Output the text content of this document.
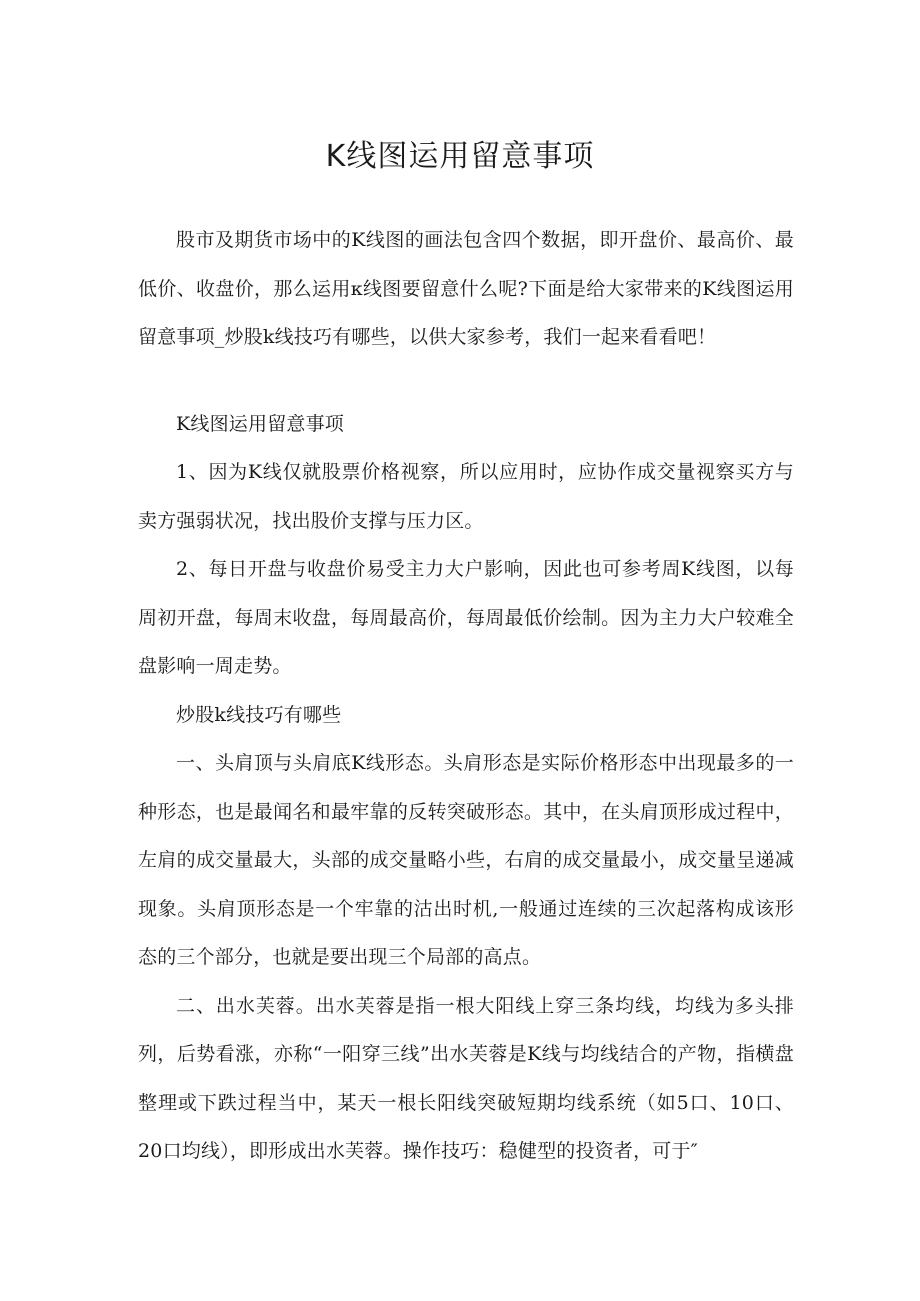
K线图运用留意事项

股市及期货市场中的K线图的画法包含四个数据，即开盘价、最高价、最低价、收盘价，那么运用κ线图要留意什么呢?下面是给大家带来的K线图运用留意事项_炒股k线技巧有哪些，以供大家参考，我们一起来看看吧！

K线图运用留意事项

1、因为K线仅就股票价格视察，所以应用时，应协作成交量视察买方与卖方强弱状况，找出股价支撑与压力区。

2、每日开盘与收盘价易受主力大户影响，因此也可参考周K线图，以每周初开盘，每周末收盘，每周最高价，每周最低价绘制。因为主力大户较难全盘影响一周走势。

炒股k线技巧有哪些

一、头肩顶与头肩底K线形态。头肩形态是实际价格形态中出现最多的一种形态，也是最闻名和最牢靠的反转突破形态。其中，在头肩顶形成过程中，左肩的成交量最大，头部的成交量略小些，右肩的成交量最小，成交量呈递减现象。头肩顶形态是一个牢靠的沽出时机,一般通过连续的三次起落构成该形态的三个部分，也就是要出现三个局部的高点。

二、出水芙蓉。出水芙蓉是指一根大阳线上穿三条均线，均线为多头排列，后势看涨，亦称“一阳穿三线”出水芙蓉是K线与均线结合的产物，指横盘整理或下跌过程当中，某天一根长阳线突破短期均线系统（如5口、10口、20口均线），即形成出水芙蓉。操作技巧：稳健型的投资者，可于″
